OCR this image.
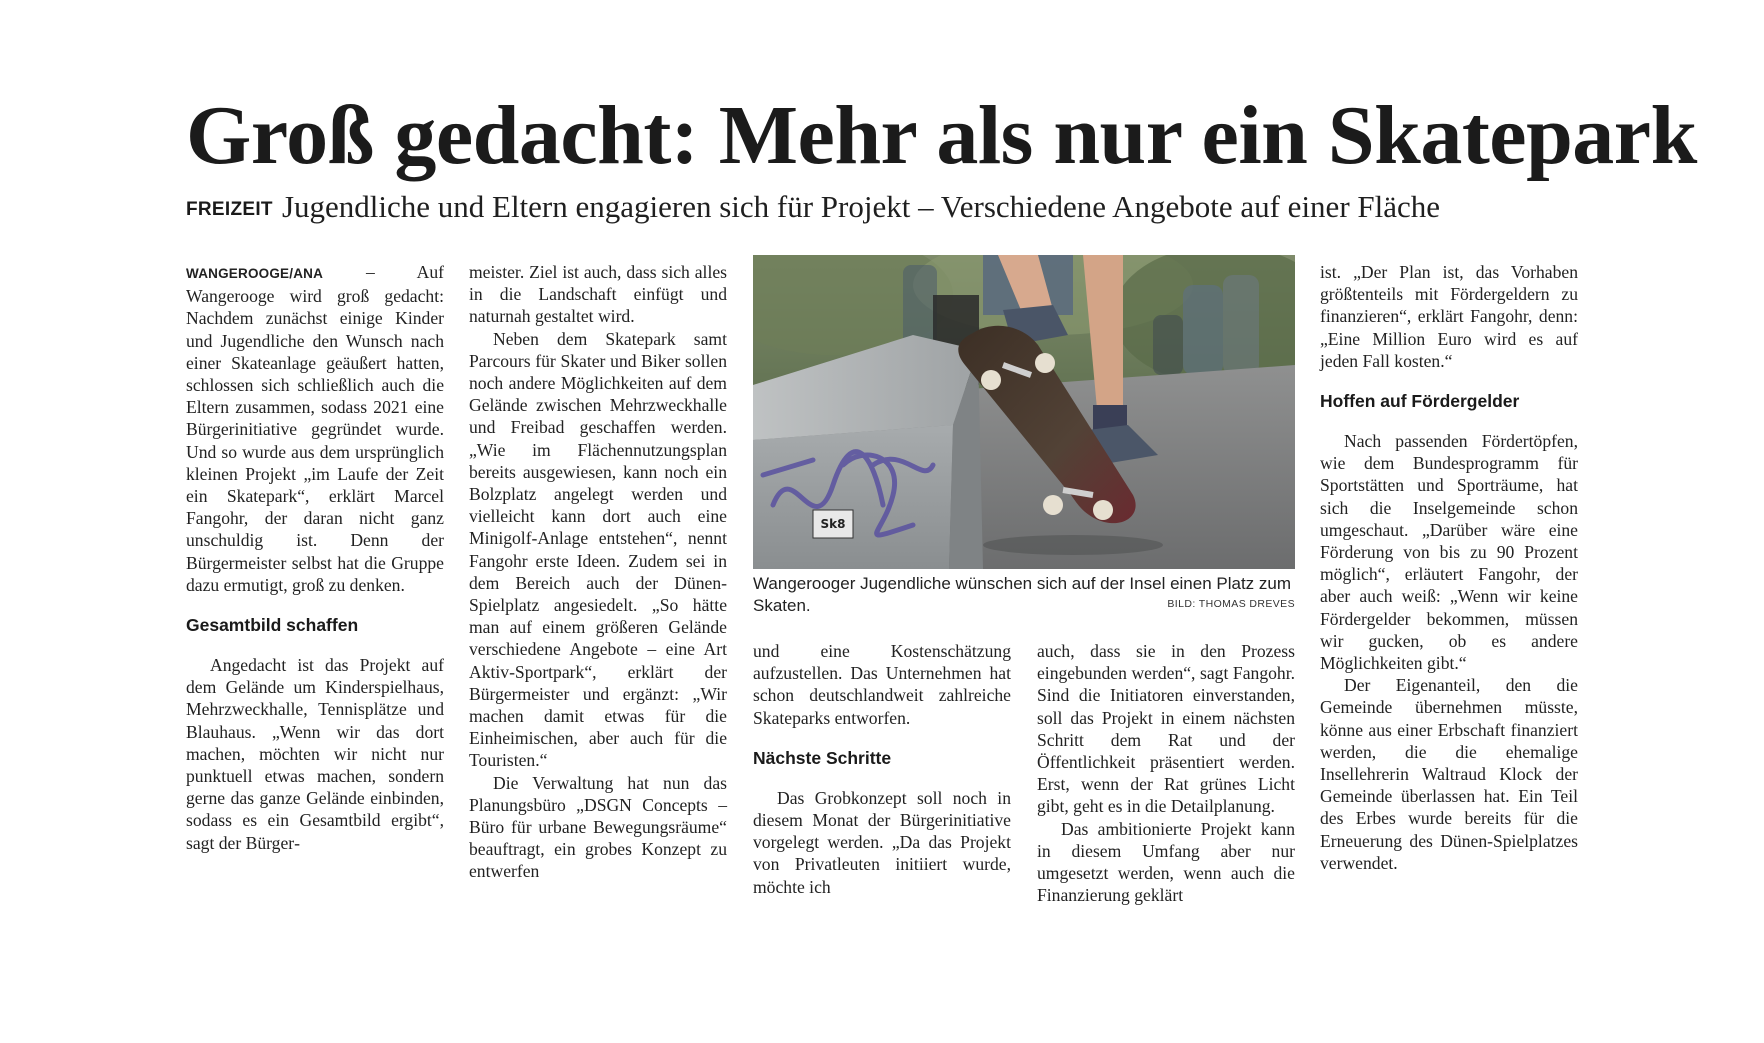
Groß gedacht: Mehr als nur ein Skatepark
FREIZEIT Jugendliche und Eltern engagieren sich für Projekt – Verschiedene Angebote auf einer Fläche

WANGEROOGE/ANA – Auf Wangerooge wird groß gedacht: Nachdem zunächst einige Kinder und Jugendliche den Wunsch nach einer Skateanlage geäußert hatten, schlossen sich schließlich auch die Eltern zusammen, sodass 2021 eine Bürgerinitiative gegründet wurde. Und so wurde aus dem ursprünglich kleinen Projekt „im Laufe der Zeit ein Skatepark“, erklärt Marcel Fangohr, der daran nicht ganz unschuldig ist. Denn der Bürgermeister selbst hat die Gruppe dazu ermutigt, groß zu denken.

Gesamtbild schaffen

Angedacht ist das Projekt auf dem Gelände um Kinderspielhaus, Mehrzweckhalle, Tennisplätze und Blauhaus. „Wenn wir das dort machen, möchten wir nicht nur punktuell etwas machen, sondern gerne das ganze Gelände einbinden, sodass es ein Gesamtbild ergibt“, sagt der Bürger‑

meister. Ziel ist auch, dass sich alles in die Landschaft einfügt und naturnah gestaltet wird.

Neben dem Skatepark samt Parcours für Skater und Biker sollen noch andere Möglichkeiten auf dem Gelände zwischen Mehrzweckhalle und Freibad geschaffen werden. „Wie im Flächennutzungsplan bereits ausgewiesen, kann noch ein Bolzplatz angelegt werden und vielleicht kann dort auch eine Minigolf-Anlage entstehen“, nennt Fangohr erste Ideen. Zudem sei in dem Bereich auch der Dünen-Spielplatz angesiedelt. „So hätte man auf einem größeren Gelände verschiedene Angebote – eine Art Aktiv-Sportpark“, erklärt der Bürgermeister und ergänzt: „Wir machen damit etwas für die Einheimischen, aber auch für die Touristen.“

Die Verwaltung hat nun das Planungsbüro „DSGN Concepts – Büro für urbane Bewegungsräume“ beauftragt, ein grobes Konzept zu entwerfen

Sk8
Wangerooger Jugendliche wünschen sich auf der Insel einen Platz zum Skaten.	BILD: THOMAS DREVES

und eine Kostenschätzung aufzustellen. Das Unternehmen hat schon deutschlandweit zahlreiche Skateparks entworfen.

Nächste Schritte

Das Grobkonzept soll noch in diesem Monat der Bürgerinitiative vorgelegt werden. „Da das Projekt von Privatleuten initiiert wurde, möchte ich

auch, dass sie in den Prozess eingebunden werden“, sagt Fangohr. Sind die Initiatoren einverstanden, soll das Projekt in einem nächsten Schritt dem Rat und der Öffentlichkeit präsentiert werden. Erst, wenn der Rat grünes Licht gibt, geht es in die Detailplanung.

Das ambitionierte Projekt kann in diesem Umfang aber nur umgesetzt werden, wenn auch die Finanzierung geklärt

ist. „Der Plan ist, das Vorhaben größtenteils mit Fördergeldern zu finanzieren“, erklärt Fangohr, denn: „Eine Million Euro wird es auf jeden Fall kosten.“

Hoffen auf Fördergelder

Nach passenden Fördertöpfen, wie dem Bundesprogramm für Sportstätten und Sporträume, hat sich die Inselgemeinde schon umgeschaut. „Darüber wäre eine Förderung von bis zu 90 Prozent möglich“, erläutert Fangohr, der aber auch weiß: „Wenn wir keine Fördergelder bekommen, müssen wir gucken, ob es andere Möglichkeiten gibt.“

Der Eigenanteil, den die Gemeinde übernehmen müsste, könne aus einer Erbschaft finanziert werden, die die ehemalige Insellehrerin Waltraud Klock der Gemeinde überlassen hat. Ein Teil des Erbes wurde bereits für die Erneuerung des Dünen-Spielplatzes verwendet.
